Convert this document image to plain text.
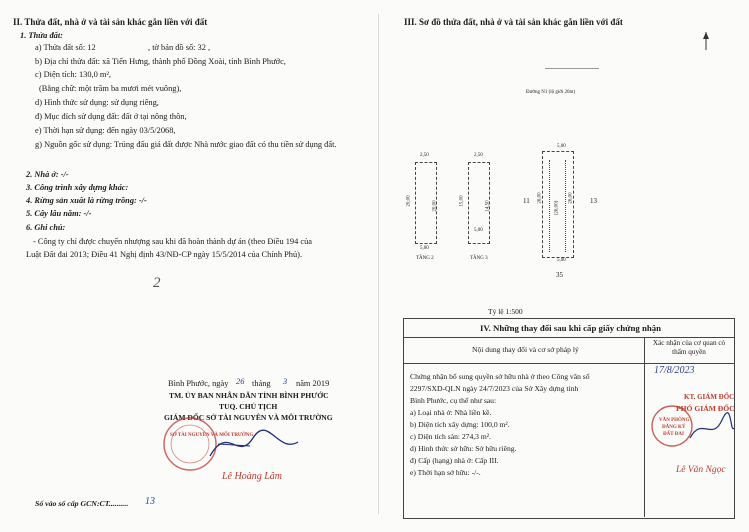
II. Thửa đất, nhà ở và tài sản khác gắn liền với đất
1. Thửa đất:
a) Thửa đất số: 12	, tờ bản đồ số: 32 ,
b) Địa chỉ thửa đất: xã Tiến Hưng, thành phố Đồng Xoài, tỉnh Bình Phước,
c) Diện tích: 130,0 m²,
(Bằng chữ: một trăm ba mươi mét vuông),
d) Hình thức sử dụng: sử dụng riêng,
đ) Mục đích sử dụng đất: đất ở tại nông thôn,
e) Thời hạn sử dụng: đến ngày 03/5/2068,
g) Nguồn gốc sử dụng: Trúng đấu giá đất được Nhà nước giao đất có thu tiền sử dụng đất.
2. Nhà ở: -/-
3. Công trình xây dựng khác:
4. Rừng sản xuất là rừng trồng: -/-
5. Cây lâu năm: -/-
6. Ghi chú:
- Công ty chỉ được chuyển nhượng sau khi đã hoàn thành dự án (theo Điều 194 của
Luật Đất đai 2013; Điều 41 Nghị định 43/NĐ-CP ngày 15/5/2014 của Chính Phủ).
2
Bình Phước, ngày 26 tháng 3 năm 2019
TM. ỦY BAN NHÂN DÂN TỈNH BÌNH PHƯỚC
TUQ. CHỦ TỊCH
GIÁM ĐỐC SỞ TÀI NGUYÊN VÀ MÔI TRƯỜNG
SỞ TÀI NGUYÊN VÀ MÔI TRƯỜNG
Lê Hoàng Lâm
Số vào sổ cấp GCN:CT.......... 13
III. Sơ đồ thửa đất, nhà ở và tài sản khác gắn liền với đất
Đường N1 (lộ giới 20m)
5,00
26,00	26,00
(26,00)
5,00
11	13
35
2,50
20,00	20,00
5,00
TẦNG 2
2,50
15,00	14,50
5,00
TẦNG 3
Tỷ lệ 1:500
IV. Những thay đổi sau khi cấp giấy chứng nhận
Nội dung thay đổi và cơ sở pháp lý
Xác nhận của cơ quan có thẩm quyền
Chứng nhận bổ sung quyền sở hữu nhà ở theo Công văn số
2297/SXD-QLN ngày 24/7/2023 của Sở Xây dựng tỉnh
Bình Phước, cụ thể như sau:
a) Loại nhà ở: Nhà liền kề.
b) Diện tích xây dựng: 100,0 m².
c) Diện tích sàn: 274,3 m².
d) Hình thức sở hữu: Sở hữu riêng.
đ) Cấp (hạng) nhà ở: Cấp III.
e) Thời hạn sở hữu: -/-.
17/8/2023
KT. GIÁM ĐỐC
PHÓ GIÁM ĐỐC
VĂN PHÒNG
ĐĂNG KÝ
ĐẤT ĐAI
Lê Văn Ngọc
